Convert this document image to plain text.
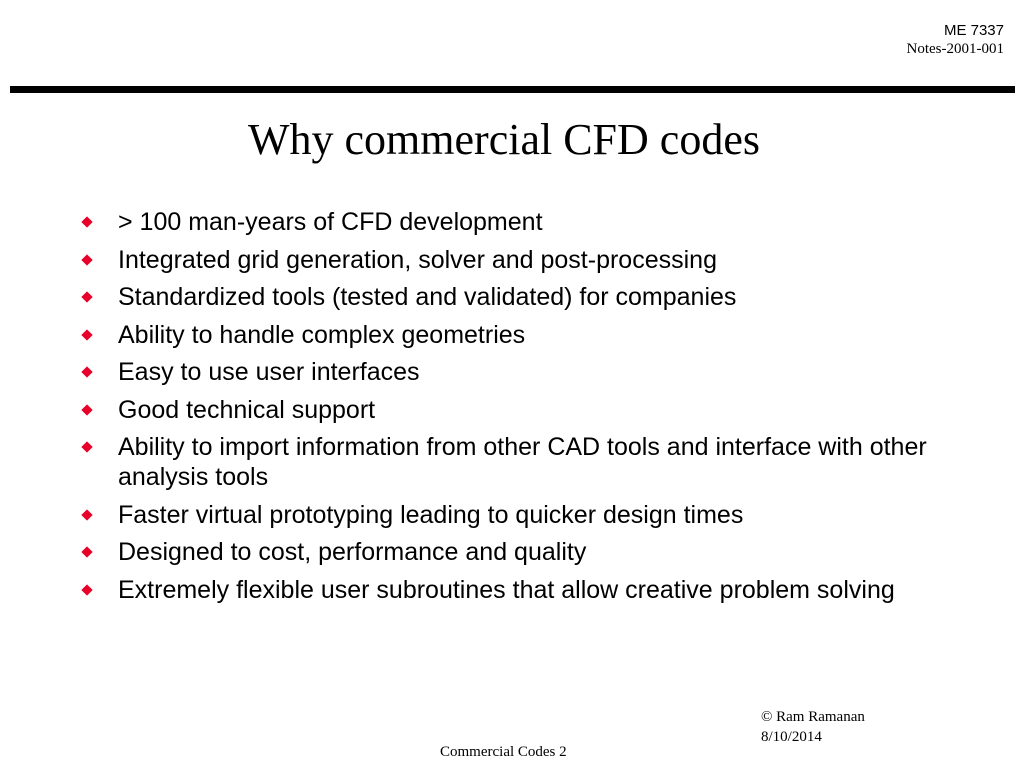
ME 7337
Notes-2001-001
Why commercial CFD codes
> 100 man-years of CFD development
Integrated grid generation, solver and post-processing
Standardized tools (tested and validated) for companies
Ability to handle complex geometries
Easy to use user interfaces
Good technical support
Ability to import information from other CAD tools and interface with other analysis tools
Faster virtual prototyping leading to quicker design times
Designed to cost, performance and quality
Extremely flexible user subroutines that allow creative problem solving
© Ram Ramanan
8/10/2014
Commercial Codes 2
